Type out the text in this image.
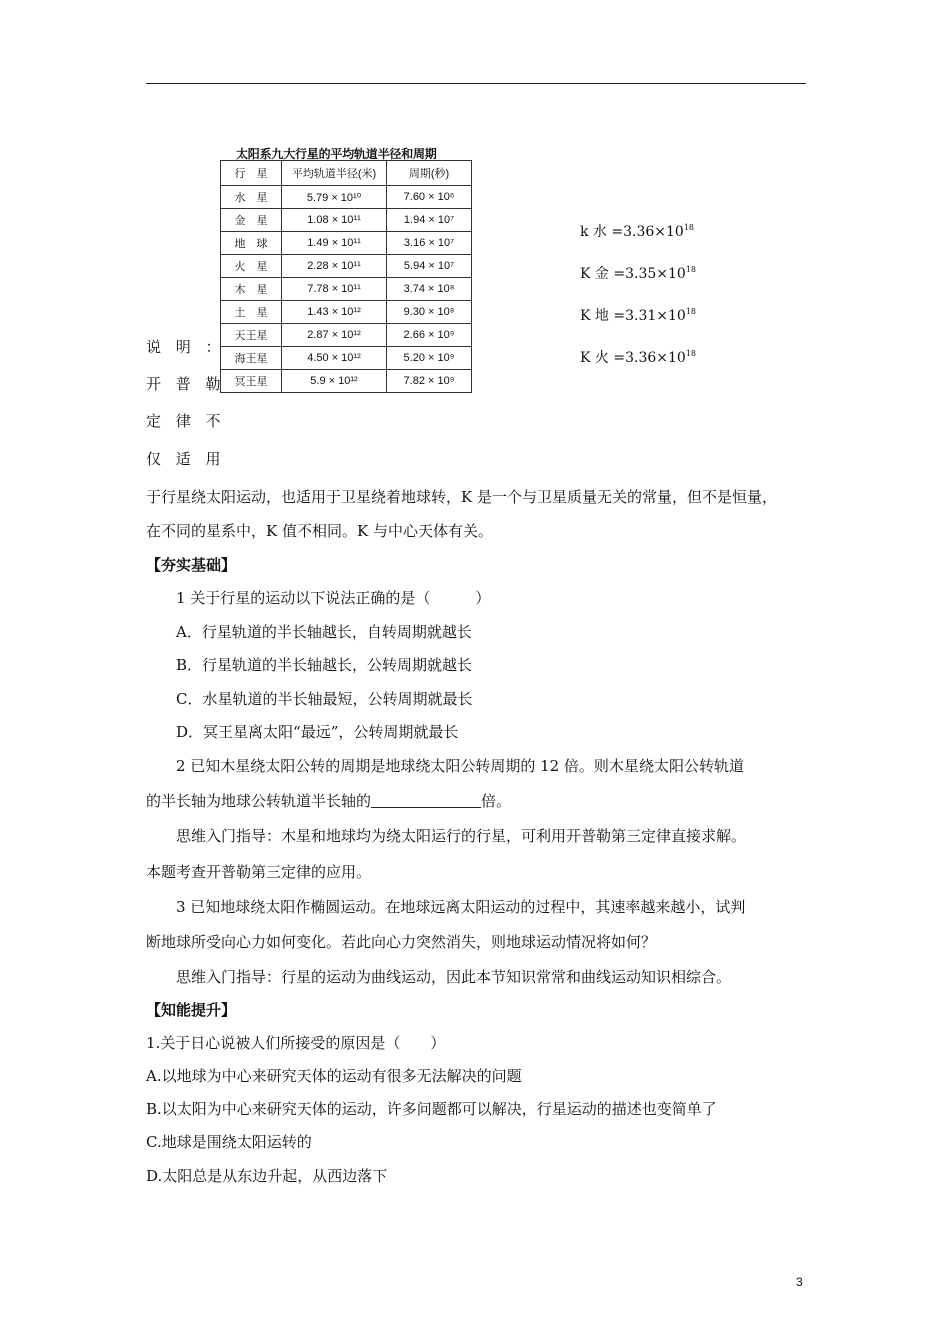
太阳系九大行星的平均轨道半径和周期
行　星	平均轨道半径(米)	周期(秒)
水　星	5.79 × 10¹⁰	7.60 × 10⁶
金　星	1.08 × 10¹¹	1.94 × 10⁷
地　球	1.49 × 10¹¹	3.16 × 10⁷
火　星	2.28 × 10¹¹	5.94 × 10⁷
木　星	7.78 × 10¹¹	3.74 × 10⁸
土　星	1.43 × 10¹²	9.30 × 10⁸
天王星	2.87 × 10¹²	2.66 × 10⁹
海王星	4.50 × 10¹²	5.20 × 10⁹
冥王星	5.9 × 10¹²	7.82 × 10⁹
k 水 $=3.36\times 10^{18}$
K 金 $=3.35\times 10^{18}$
K 地 $=3.31\times 10^{18}$
K 火 $=3.36\times 10^{18}$
说 明 ：
开 普 勒
定 律 不
仅 适 用
于行星绕太阳运动，也适用于卫星绕着地球转，K 是一个与卫星质量无关的常量，但不是恒量，
在不同的星系中，K 值不相同。K 与中心天体有关。
【夯实基础】
1 关于行星的运动以下说法正确的是（　　　）
A．行星轨道的半长轴越长，自转周期就越长
B．行星轨道的半长轴越长，公转周期就越长
C．水星轨道的半长轴最短，公转周期就最长
D．冥王星离太阳“最远”，公转周期就最长
2 已知木星绕太阳公转的周期是地球绕太阳公转周期的 12 倍。则木星绕太阳公转轨道
的半长轴为地球公转轨道半长轴的	倍。
思维入门指导：木星和地球均为绕太阳运行的行星，可利用开普勒第三定律直接求解。
本题考查开普勒第三定律的应用。
3 已知地球绕太阳作椭圆运动。在地球远离太阳运动的过程中，其速率越来越小，试判
断地球所受向心力如何变化。若此向心力突然消失，则地球运动情况将如何？
思维入门指导：行星的运动为曲线运动，因此本节知识常常和曲线运动知识相综合。
【知能提升】
1.关于日心说被人们所接受的原因是（　　）
A.以地球为中心来研究天体的运动有很多无法解决的问题
B.以太阳为中心来研究天体的运动，许多问题都可以解决，行星运动的描述也变简单了
C.地球是围绕太阳运转的
D.太阳总是从东边升起，从西边落下
3
